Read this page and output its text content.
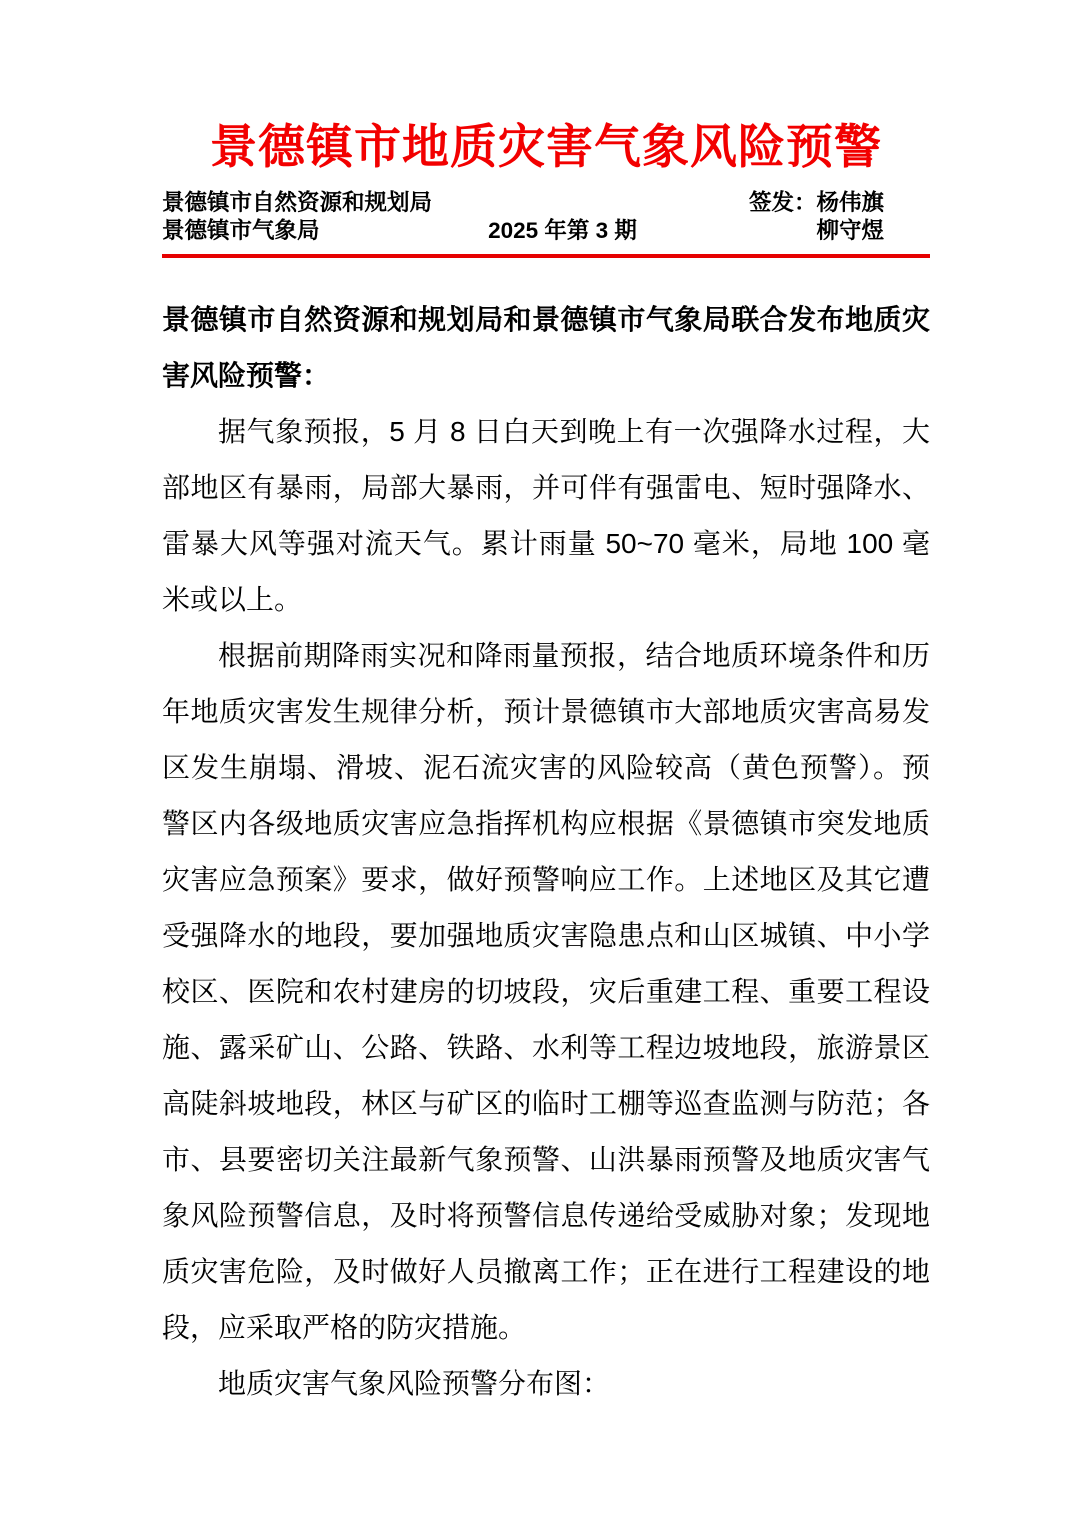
景德镇市地质灾害气象风险预警
景德镇市自然资源和规划局
景德镇市气象局	2025 年第 3 期
签发：杨伟旗
柳守煜

景德镇市自然资源和规划局和景德镇市气象局联合发布地质灾害风险预警：

据气象预报，5 月 8 日白天到晚上有一次强降水过程，大部地区有暴雨，局部大暴雨，并可伴有强雷电、短时强降水、雷暴大风等强对流天气。累计雨量 50~70 毫米，局地 100 毫米或以上。

根据前期降雨实况和降雨量预报，结合地质环境条件和历年地质灾害发生规律分析，预计景德镇市大部地质灾害高易发区发生崩塌、滑坡、泥石流灾害的风险较高（黄色预警）。预警区内各级地质灾害应急指挥机构应根据《景德镇市突发地质灾害应急预案》要求，做好预警响应工作。上述地区及其它遭受强降水的地段，要加强地质灾害隐患点和山区城镇、中小学校区、医院和农村建房的切坡段，灾后重建工程、重要工程设施、露采矿山、公路、铁路、水利等工程边坡地段，旅游景区高陡斜坡地段，林区与矿区的临时工棚等巡查监测与防范；各市、县要密切关注最新气象预警、山洪暴雨预警及地质灾害气象风险预警信息，及时将预警信息传递给受威胁对象；发现地质灾害危险，及时做好人员撤离工作；正在进行工程建设的地段，应采取严格的防灾措施。

地质灾害气象风险预警分布图：
